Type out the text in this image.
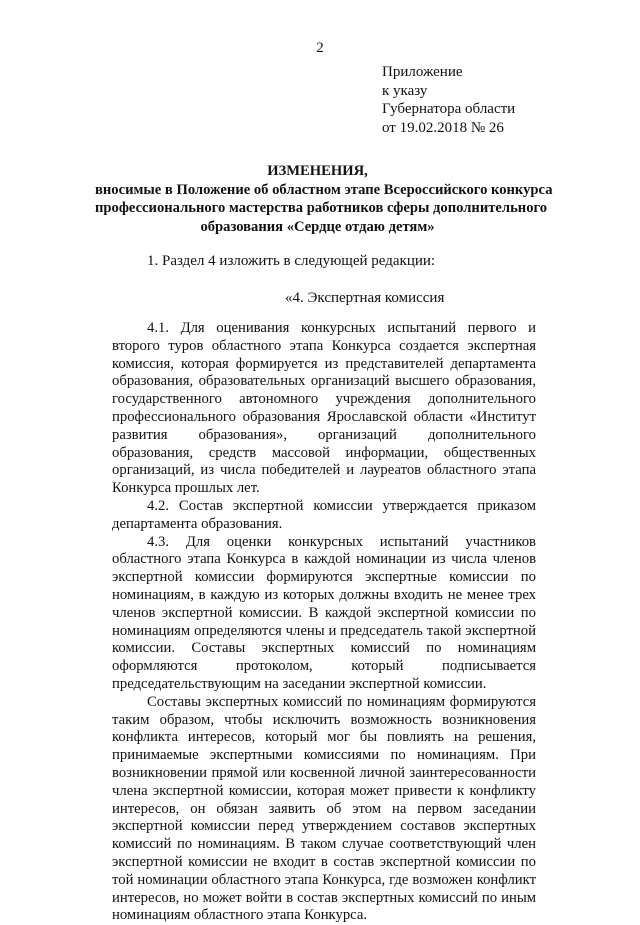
2
Приложение
к указу
Губернатора области
от 19.02.2018 № 26
ИЗМЕНЕНИЯ,
вносимые в Положение об областном этапе Всероссийского конкурса
профессионального мастерства работников сферы дополнительного
образования «Сердце отдаю детям»
1. Раздел 4 изложить в следующей редакции:
«4. Экспертная комиссия

4.1. Для оценивания конкурсных испытаний первого и второго туров областного этапа Конкурса создается экспертная комиссия, которая формируется из представителей департамента образования, образовательных организаций высшего образования, государственного автономного учреждения дополнительного профессионального образования Ярославской области «Институт развития образования», организаций дополнительного образования, средств массовой информации, общественных организаций, из числа победителей и лауреатов областного этапа Конкурса прошлых лет.

4.2. Состав экспертной комиссии утверждается приказом департамента образования.

4.3. Для оценки конкурсных испытаний участников областного этапа Конкурса в каждой номинации из числа членов экспертной комиссии формируются экспертные комиссии по номинациям, в каждую из которых должны входить не менее трех членов экспертной комиссии. В каждой экспертной комиссии по номинациям определяются члены и председатель такой экспертной комиссии. Составы экспертных комиссий по номинациям оформляются протоколом, который подписывается председательствующим на заседании экспертной комиссии.

Составы экспертных комиссий по номинациям формируются таким образом, чтобы исключить возможность возникновения конфликта интересов, который мог бы повлиять на решения, принимаемые экспертными комиссиями по номинациям. При возникновении прямой или косвенной личной заинтересованности члена экспертной комиссии, которая может привести к конфликту интересов, он обязан заявить об этом на первом заседании экспертной комиссии перед утверждением составов экспертных комиссий по номинациям. В таком случае соответствующий член экспертной комиссии не входит в состав экспертной комиссии по той номинации областного этапа Конкурса, где возможен конфликт интересов, но может войти в состав экспертных комиссий по иным номинациям областного этапа Конкурса.
